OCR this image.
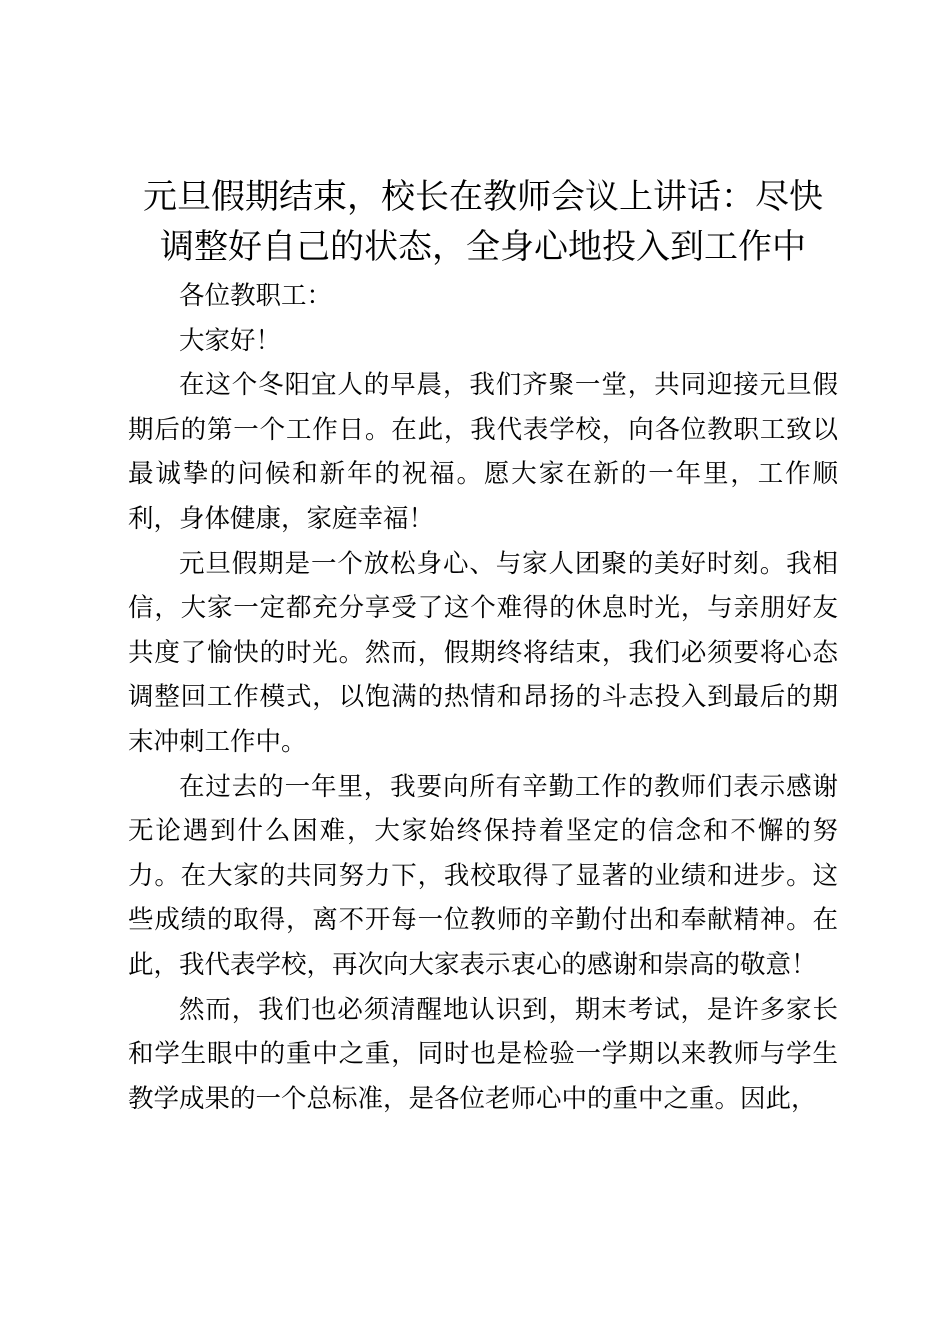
元旦假期结束，校长在教师会议上讲话：尽快
调整好自己的状态，全身心地投入到工作中

各位教职工：

大家好！

在这个冬阳宜人的早晨，我们齐聚一堂，共同迎接元旦假期后的第一个工作日。在此，我代表学校，向各位教职工致以最诚挚的问候和新年的祝福。愿大家在新的一年里，工作顺利，身体健康，家庭幸福！

元旦假期是一个放松身心、与家人团聚的美好时刻。我相信，大家一定都充分享受了这个难得的休息时光，与亲朋好友共度了愉快的时光。然而，假期终将结束，我们必须要将心态调整回工作模式，以饱满的热情和昂扬的斗志投入到最后的期末冲刺工作中。

在过去的一年里，我要向所有辛勤工作的教师们表示感谢无论遇到什么困难，大家始终保持着坚定的信念和不懈的努力。在大家的共同努力下，我校取得了显著的业绩和进步。这些成绩的取得，离不开每一位教师的辛勤付出和奉献精神。在此，我代表学校，再次向大家表示衷心的感谢和崇高的敬意！

然而，我们也必须清醒地认识到，期末考试，是许多家长和学生眼中的重中之重，同时也是检验一学期以来教师与学生教学成果的一个总标准，是各位老师心中的重中之重。因此，
